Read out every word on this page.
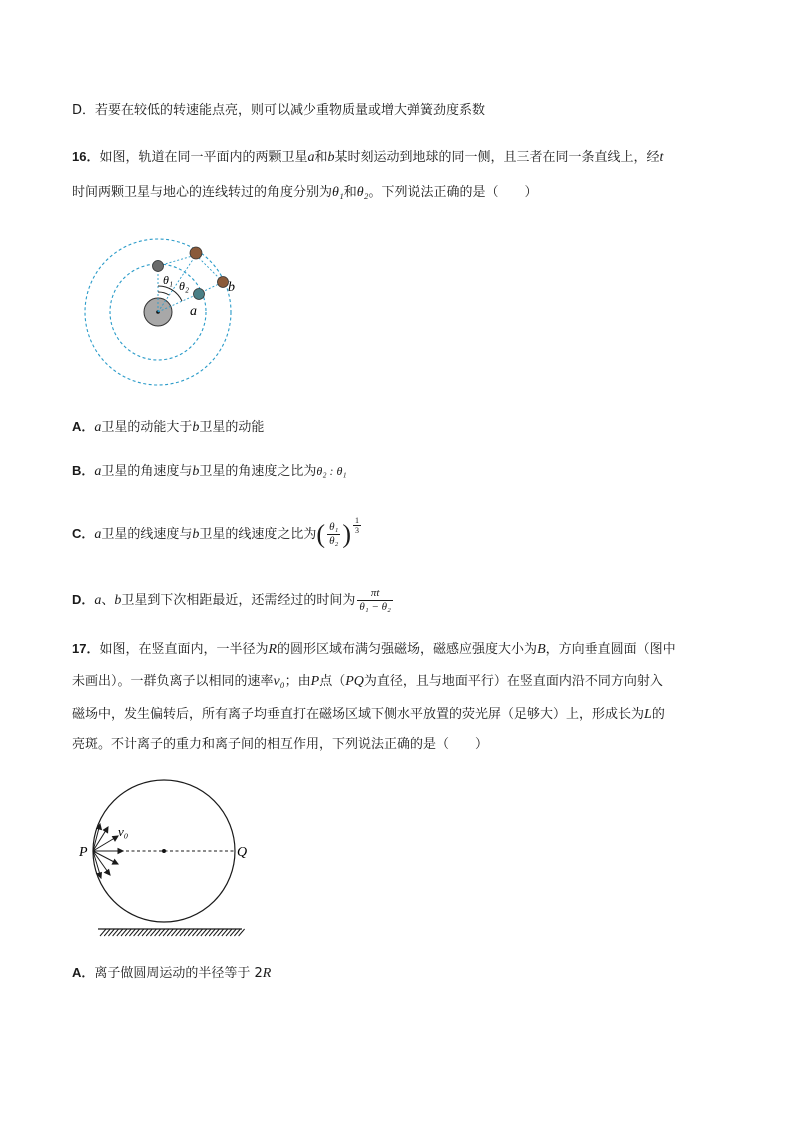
D．若要在较低的转速能点亮，则可以减少重物质量或增大弹簧劲度系数
16．如图，轨道在同一平面内的两颗卫星a和b某时刻运动到地球的同一侧，且三者在同一条直线上，经t
时间两颗卫星与地心的连线转过的角度分别为θ₁和θ₂。下列说法正确的是（　　）
θ₁ θ₂
a
b
A．a卫星的动能大于b卫星的动能
B．a卫星的角速度与b卫星的角速度之比为θ₂ : θ₁
C．a卫星的线速度与b卫星的线速度之比为( $\frac{\text{θ₁}}{\text{θ₂}}$ ) $\frac{1}{3}$
D．a、b卫星到下次相距最近，还需经过的时间为 $\frac{\pi t}{\text{θ₁ − θ₂}}$
17．如图，在竖直面内，一半径为R的圆形区域布满匀强磁场，磁感应强度大小为B，方向垂直圆面（图中
未画出）。一群负离子以相同的速率v₀；由P点（PQ为直径，且与地面平行）在竖直面内沿不同方向射入
磁场中，发生偏转后，所有离子均垂直打在磁场区域下侧水平放置的荧光屏（足够大）上，形成长为L的
亮斑。不计离子的重力和离子间的相互作用，下列说法正确的是（　　）
v₀
P	Q
A．离子做圆周运动的半径等于 2R
